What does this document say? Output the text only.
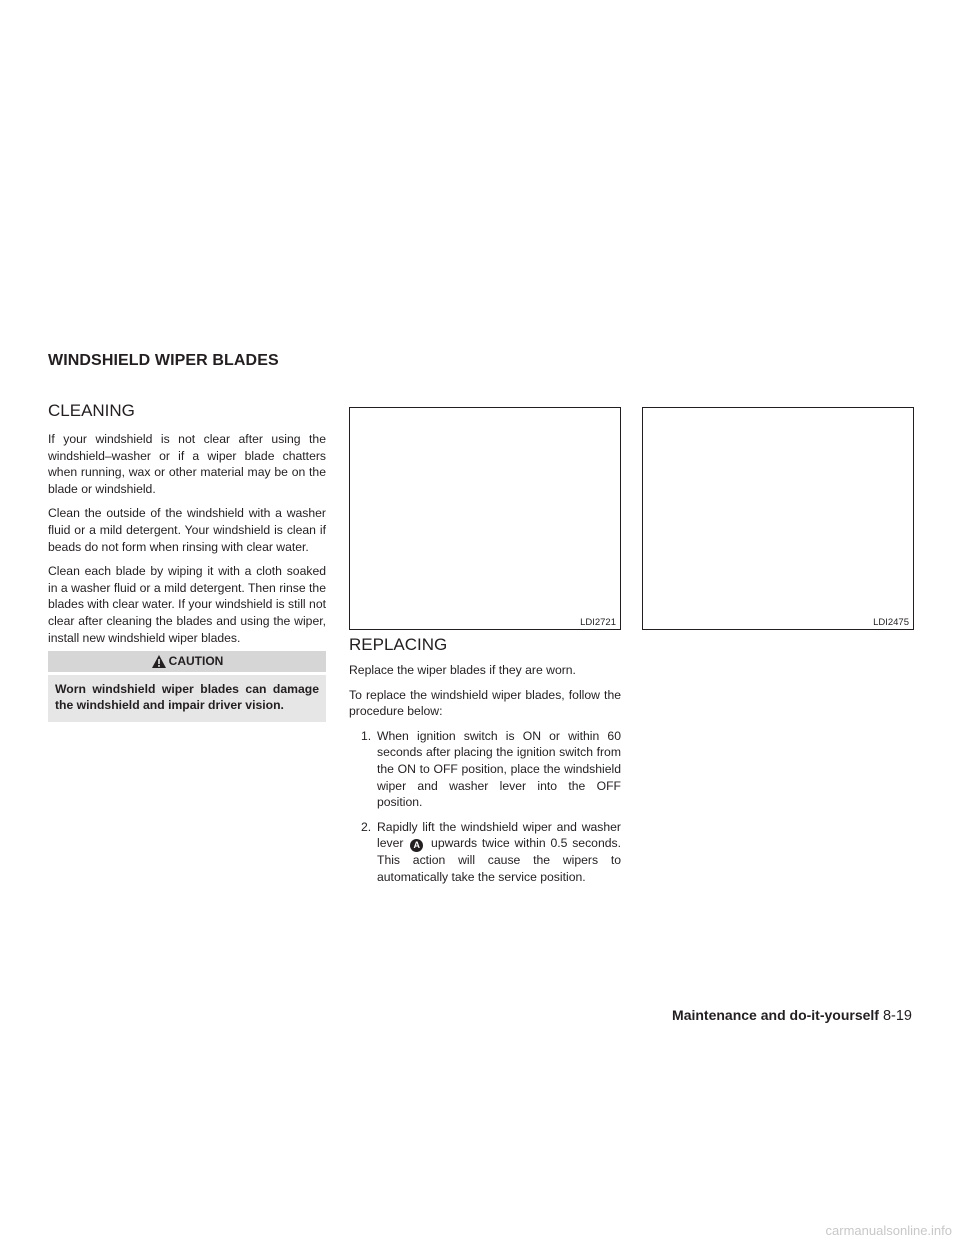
WINDSHIELD WIPER BLADES
CLEANING

If your windshield is not clear after using the windshield–washer or if a wiper blade chatters when running, wax or other material may be on the blade or windshield.

Clean the outside of the windshield with a washer fluid or a mild detergent. Your windshield is clean if beads do not form when rinsing with clear water.

Clean each blade by wiping it with a cloth soaked in a washer fluid or a mild detergent. Then rinse the blades with clear water. If your windshield is still not clear after cleaning the blades and using the wiper, install new windshield wiper blades.

CAUTION
Worn windshield wiper blades can damage the windshield and impair driver vision.
LDI2721	LDI2475
REPLACING

Replace the wiper blades if they are worn.

To replace the windshield wiper blades, follow the procedure below:

1. When ignition switch is ON or within 60 seconds after placing the ignition switch from the ON to OFF position, place the windshield wiper and washer lever into the OFF position.
2. Rapidly lift the windshield wiper and washer lever A upwards twice within 0.5 seconds. This action will cause the wipers to automatically take the service position.
Maintenance and do-it-yourself 8-19
carmanualsonline.info
